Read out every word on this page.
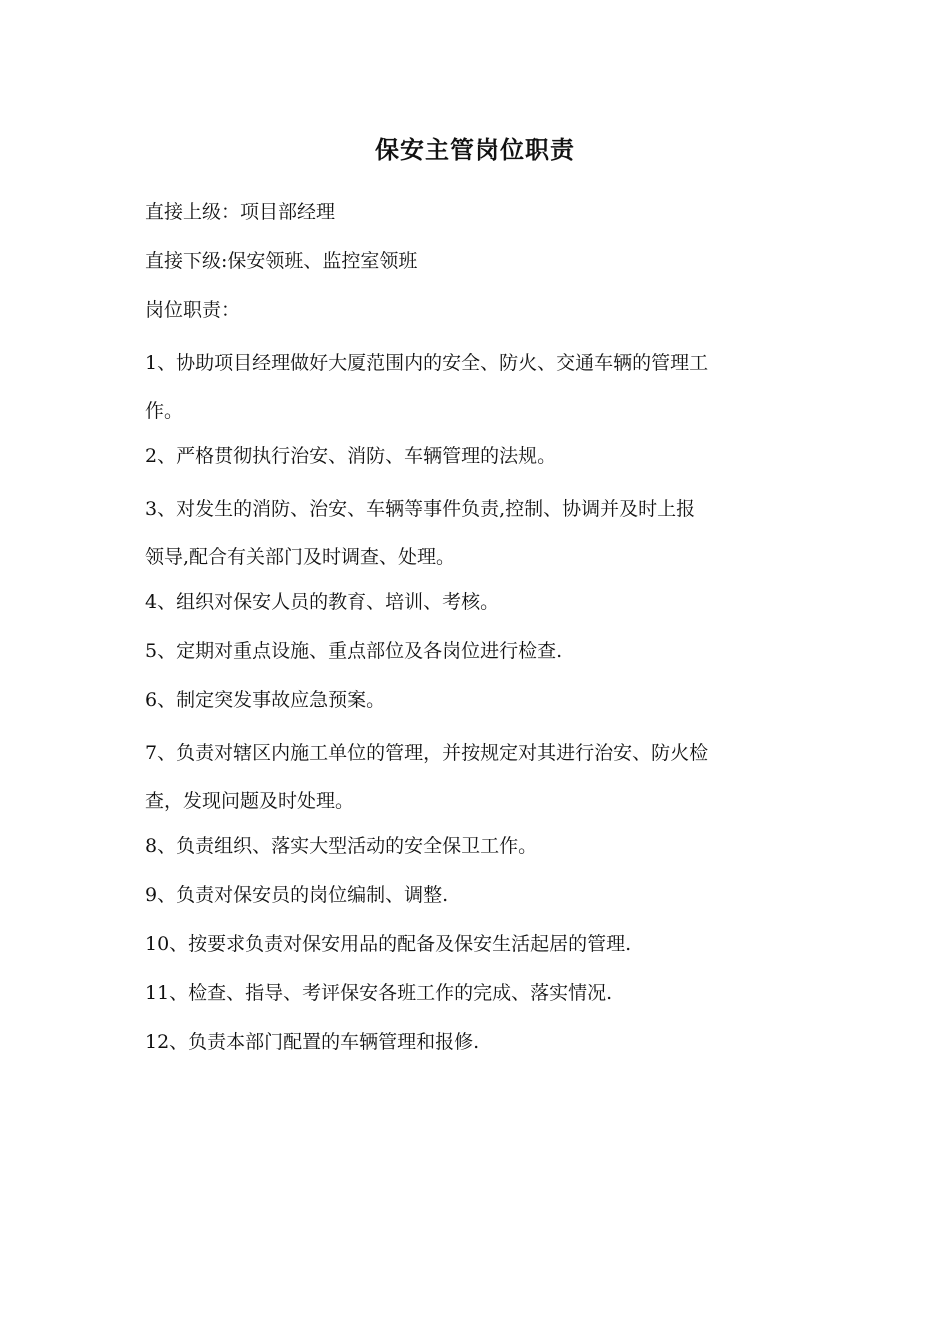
保安主管岗位职责

直接上级：项目部经理

直接下级:保安领班、监控室领班

岗位职责：

1、协助项目经理做好大厦范围内的安全、防火、交通车辆的管理工
作。

2、严格贯彻执行治安、消防、车辆管理的法规。

3、对发生的消防、治安、车辆等事件负责,控制、协调并及时上报
领导,配合有关部门及时调查、处理。

4、组织对保安人员的教育、培训、考核。

5、定期对重点设施、重点部位及各岗位进行检查.

6、制定突发事故应急预案。

7、负责对辖区内施工单位的管理，并按规定对其进行治安、防火检
查，发现问题及时处理。

8、负责组织、落实大型活动的安全保卫工作。

9、负责对保安员的岗位编制、调整.

10、按要求负责对保安用品的配备及保安生活起居的管理.

11、检查、指导、考评保安各班工作的完成、落实情况.

12、负责本部门配置的车辆管理和报修.
